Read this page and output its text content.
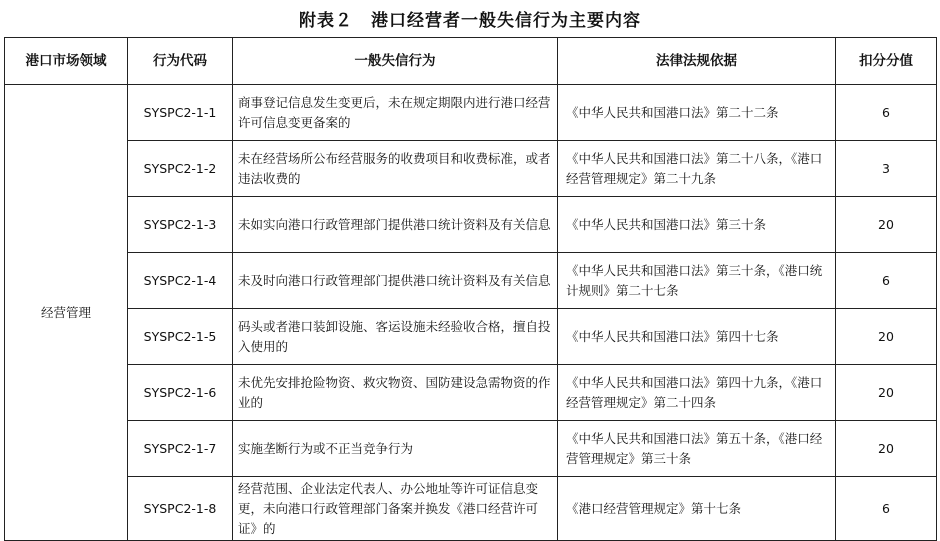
附表２　港口经营者一般失信行为主要内容
港口市场领域	行为代码	一般失信行为	法律法规依据	扣分分值
经营管理	SYSPC2-1-1	商事登记信息发生变更后，未在规定期限内进行港口经营许可信息变更备案的	《中华人民共和国港口法》第二十二条	6
	SYSPC2-1-2	未在经营场所公布经营服务的收费项目和收费标准，或者违法收费的	《中华人民共和国港口法》第二十八条，《港口经营管理规定》第二十九条	3
	SYSPC2-1-3	未如实向港口行政管理部门提供港口统计资料及有关信息	《中华人民共和国港口法》第三十条	20
	SYSPC2-1-4	未及时向港口行政管理部门提供港口统计资料及有关信息	《中华人民共和国港口法》第三十条，《港口统计规则》第二十七条	6
	SYSPC2-1-5	码头或者港口装卸设施、客运设施未经验收合格，擅自投入使用的	《中华人民共和国港口法》第四十七条	20
	SYSPC2-1-6	未优先安排抢险物资、救灾物资、国防建设急需物资的作业的	《中华人民共和国港口法》第四十九条，《港口经营管理规定》第二十四条	20
	SYSPC2-1-7	实施垄断行为或不正当竞争行为	《中华人民共和国港口法》第五十条，《港口经营管理规定》第三十条	20
	SYSPC2-1-8	经营范围、企业法定代表人、办公地址等许可证信息变更，未向港口行政管理部门备案并换发《港口经营许可证》的	《港口经营管理规定》第十七条	6
